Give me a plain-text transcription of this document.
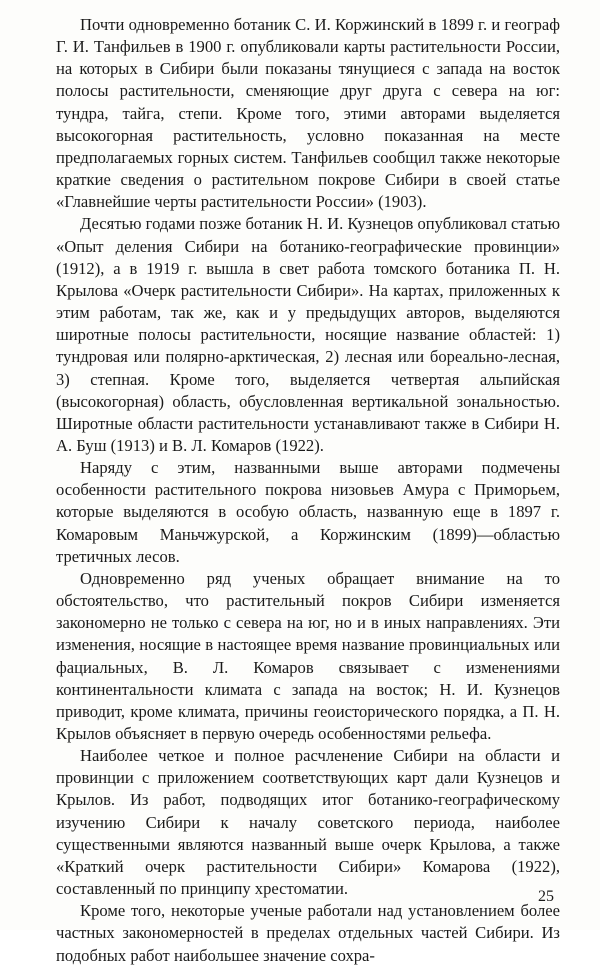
Почти одновременно ботаник С. И. Коржинский в 1899 г. и географ Г. И. Танфильев в 1900 г. опубликовали карты растительности России, на которых в Сибири были показаны тянущиеся с запада на восток полосы растительности, сменяющие друг друга с севера на юг: тундра, тайга, степи. Кроме того, этими авторами выделяется высокогорная растительность, условно показанная на месте предполагаемых горных систем. Танфильев сообщил также некоторые краткие сведения о растительном покрове Сибири в своей статье «Главнейшие черты растительности России» (1903).

Десятью годами позже ботаник Н. И. Кузнецов опубликовал статью «Опыт деления Сибири на ботанико-географические провинции» (1912), а в 1919 г. вышла в свет работа томского ботаника П. Н. Крылова «Очерк растительности Сибири». На картах, приложенных к этим работам, так же, как и у предыдущих авторов, выделяются широтные полосы растительности, носящие название областей: 1) тундровая или полярно-арктическая, 2) лесная или бореально-лесная, 3) степная. Кроме того, выделяется четвертая альпийская (высокогорная) область, обусловленная вертикальной зональностью. Широтные области растительности устанавливают также в Сибири Н. А. Буш (1913) и В. Л. Комаров (1922).

Наряду с этим, названными выше авторами подмечены особенности растительного покрова низовьев Амура с Приморьем, которые выделяются в особую область, названную еще в 1897 г. Комаровым Маньчжурской, а Коржинским (1899)—областью третичных лесов.

Одновременно ряд ученых обращает внимание на то обстоятельство, что растительный покров Сибири изменяется закономерно не только с севера на юг, но и в иных направлениях. Эти изменения, носящие в настоящее время название провинциальных или фациальных, В. Л. Комаров связывает с изменениями континентальности климата с запада на восток; Н. И. Кузнецов приводит, кроме климата, причины геоисторического порядка, а П. Н. Крылов объясняет в первую очередь особенностями рельефа.

Наиболее четкое и полное расчленение Сибири на области и провинции с приложением соответствующих карт дали Кузнецов и Крылов. Из работ, подводящих итог ботанико-географическому изучению Сибири к началу советского периода, наиболее существенными являются названный выше очерк Крылова, а также «Краткий очерк растительности Сибири» Комарова (1922), составленный по принципу хрестоматии.

Кроме того, некоторые ученые работали над установлением более частных закономерностей в пределах отдельных частей Сибири. Из подобных работ наибольшее значение сохра-

25
